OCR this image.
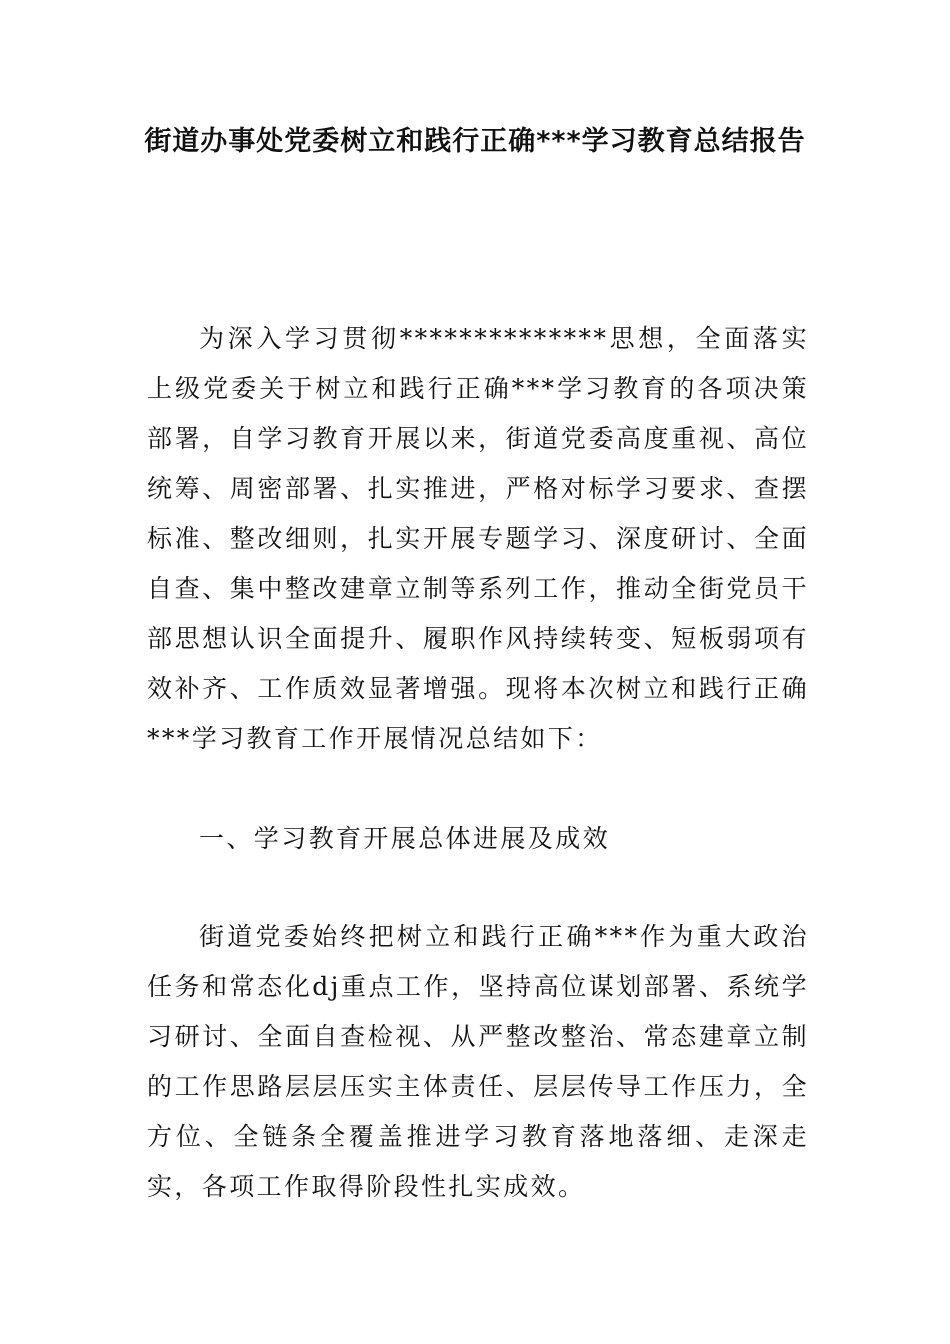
街道办事处党委树立和践行正确***学习教育总结报告

为深入学习贯彻**************思想，全面落实上级党委关于树立和践行正确***学习教育的各项决策部署，自学习教育开展以来，街道党委高度重视、高位统筹、周密部署、扎实推进，严格对标学习要求、查摆标准、整改细则，扎实开展专题学习、深度研讨、全面自查、集中整改建章立制等系列工作，推动全街党员干部思想认识全面提升、履职作风持续转变、短板弱项有效补齐、工作质效显著增强。现将本次树立和践行正确***学习教育工作开展情况总结如下：

一、学习教育开展总体进展及成效

街道党委始终把树立和践行正确***作为重大政治任务和常态化dj重点工作，坚持高位谋划部署、系统学习研讨、全面自查检视、从严整改整治、常态建章立制的工作思路层层压实主体责任、层层传导工作压力，全方位、全链条全覆盖推进学习教育落地落细、走深走实，各项工作取得阶段性扎实成效。
